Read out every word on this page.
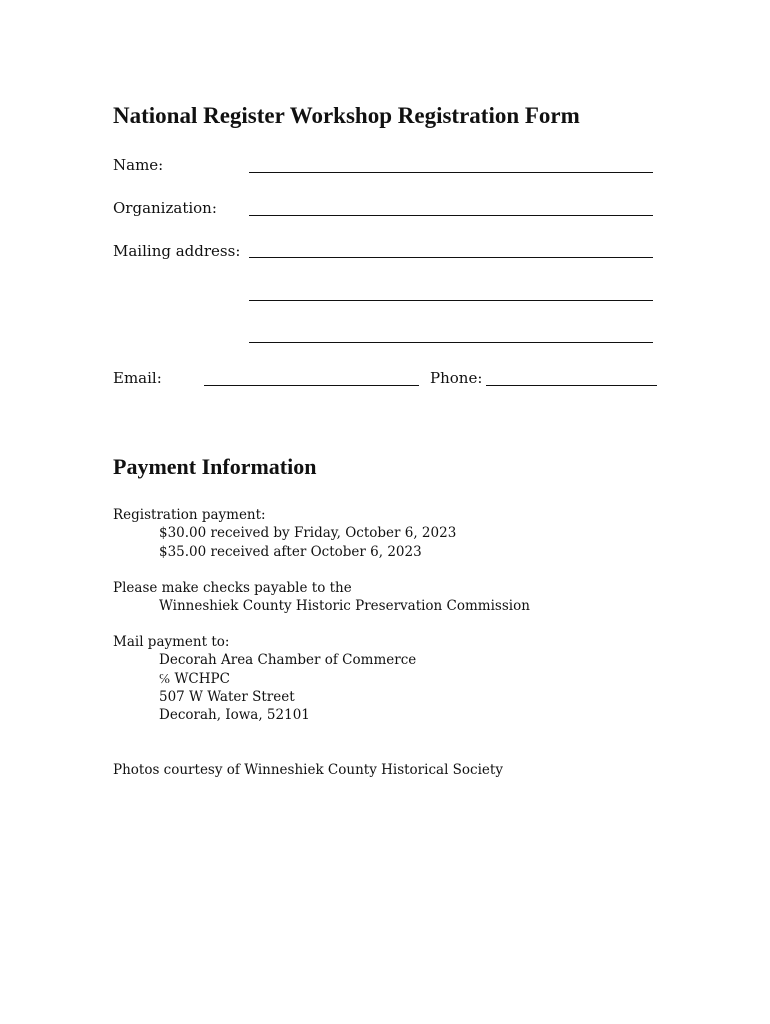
National Register Workshop Registration Form
Name:
Organization:
Mailing address:
Email:	Phone:
Payment Information
Registration payment:
$30.00 received by Friday, October 6, 2023
$35.00 received after October 6, 2023
Please make checks payable to the
Winneshiek County Historic Preservation Commission
Mail payment to:
Decorah Area Chamber of Commerce
℅ WCHPC
507 W Water Street
Decorah, Iowa, 52101
Photos courtesy of Winneshiek County Historical Society
